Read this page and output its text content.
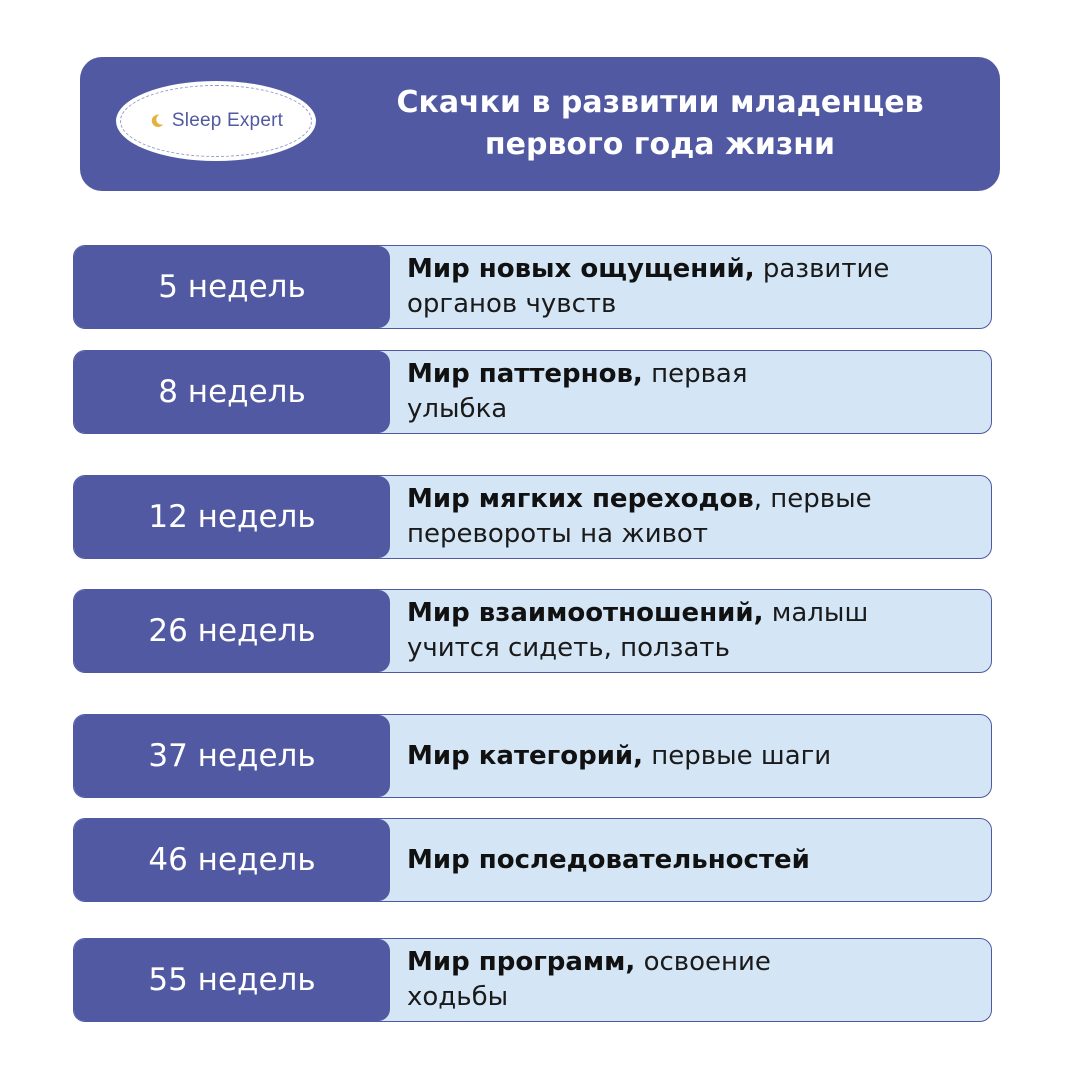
Sleep Expert
Скачки в развитии младенцев
первого года жизни
5 недель	Мир новых ощущений, развитие
органов чувств
8 недель	Мир паттернов, первая
улыбка
12 недель	Мир мягких переходов, первые
перевороты на живот
26 недель	Мир взаимоотношений, малыш
учится сидеть, ползать
37 недель	Мир категорий, первые шаги
46 недель	Мир последовательностей
55 недель	Мир программ, освоение
ходьбы
